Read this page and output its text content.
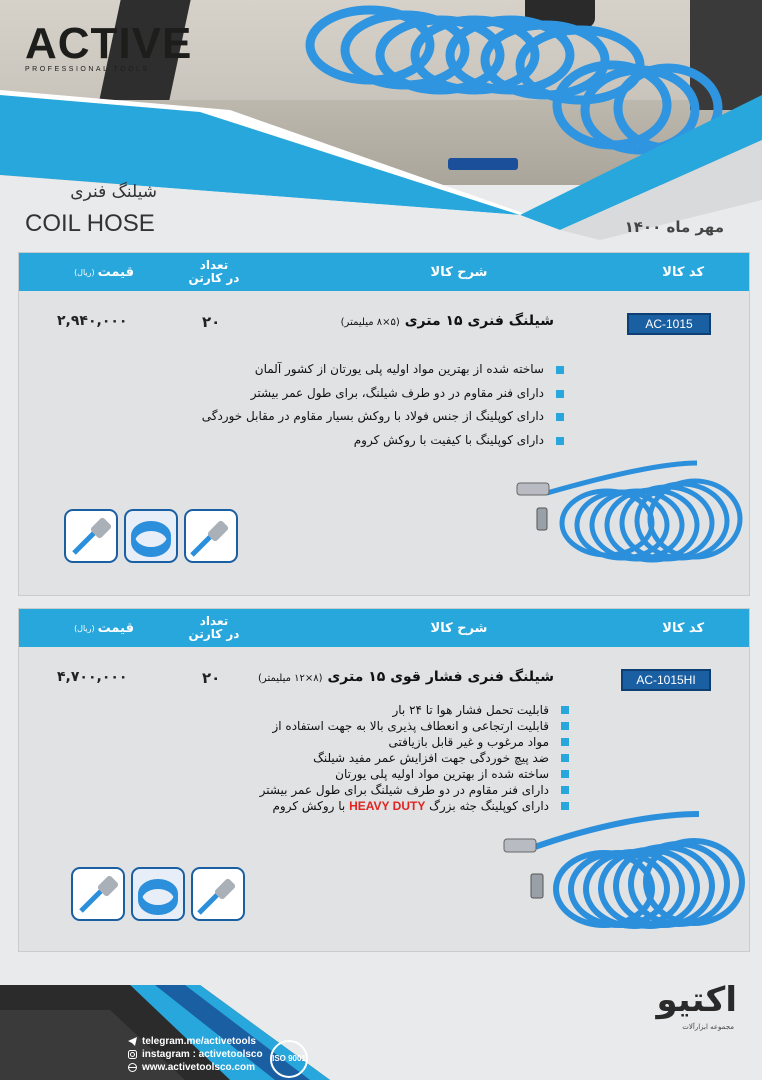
ACTIVE
PROFESSIONAL TOOLS
شیلنگ فنری
COIL HOSE	مهر ماه ۱۴۰۰
کد کالا
شرح کالا
تعداد
در کارتن
قیمت
(ریال)
AC-1015
شیلنگ فنری ۱۵ متری (۵×۸ میلیمتر)
۲۰
۲,۹۴۰,۰۰۰
ساخته شده از بهترین مواد اولیه پلی یورتان از کشور آلمان
دارای فنر مقاوم در دو طرف شیلنگ، برای طول عمر بیشتر
دارای کوپلینگ از جنس فولاد با روکش بسیار مقاوم در مقابل خوردگی
دارای کوپلینگ با کیفیت با روکش کروم
کد کالا
شرح کالا
تعداد
در کارتن
قیمت
(ریال)
AC-1015HI
شیلنگ فنری فشار قوی ۱۵ متری (۸×۱۲ میلیمتر)
۲۰
۴,۷۰۰,۰۰۰
قابلیت تحمل فشار هوا تا ۲۴ بار
قابلیت ارتجاعی و انعطاف پذیری بالا به جهت استفاده از
مواد مرغوب و غیر قابل بازیافتی
ضد پیچ خوردگی جهت افزایش عمر مفید شیلنگ
ساخته شده از بهترین مواد اولیه پلی یورتان
دارای فنر مقاوم در دو طرف شیلنگ برای طول عمر بیشتر
دارای کوپلینگ جثه بزرگ HEAVY DUTY با روکش کروم
telegram.me/activetools
instagram : activetoolsco
www.activetoolsco.com
ISO 9001
اکتیو
مجموعه ابزارآلات
